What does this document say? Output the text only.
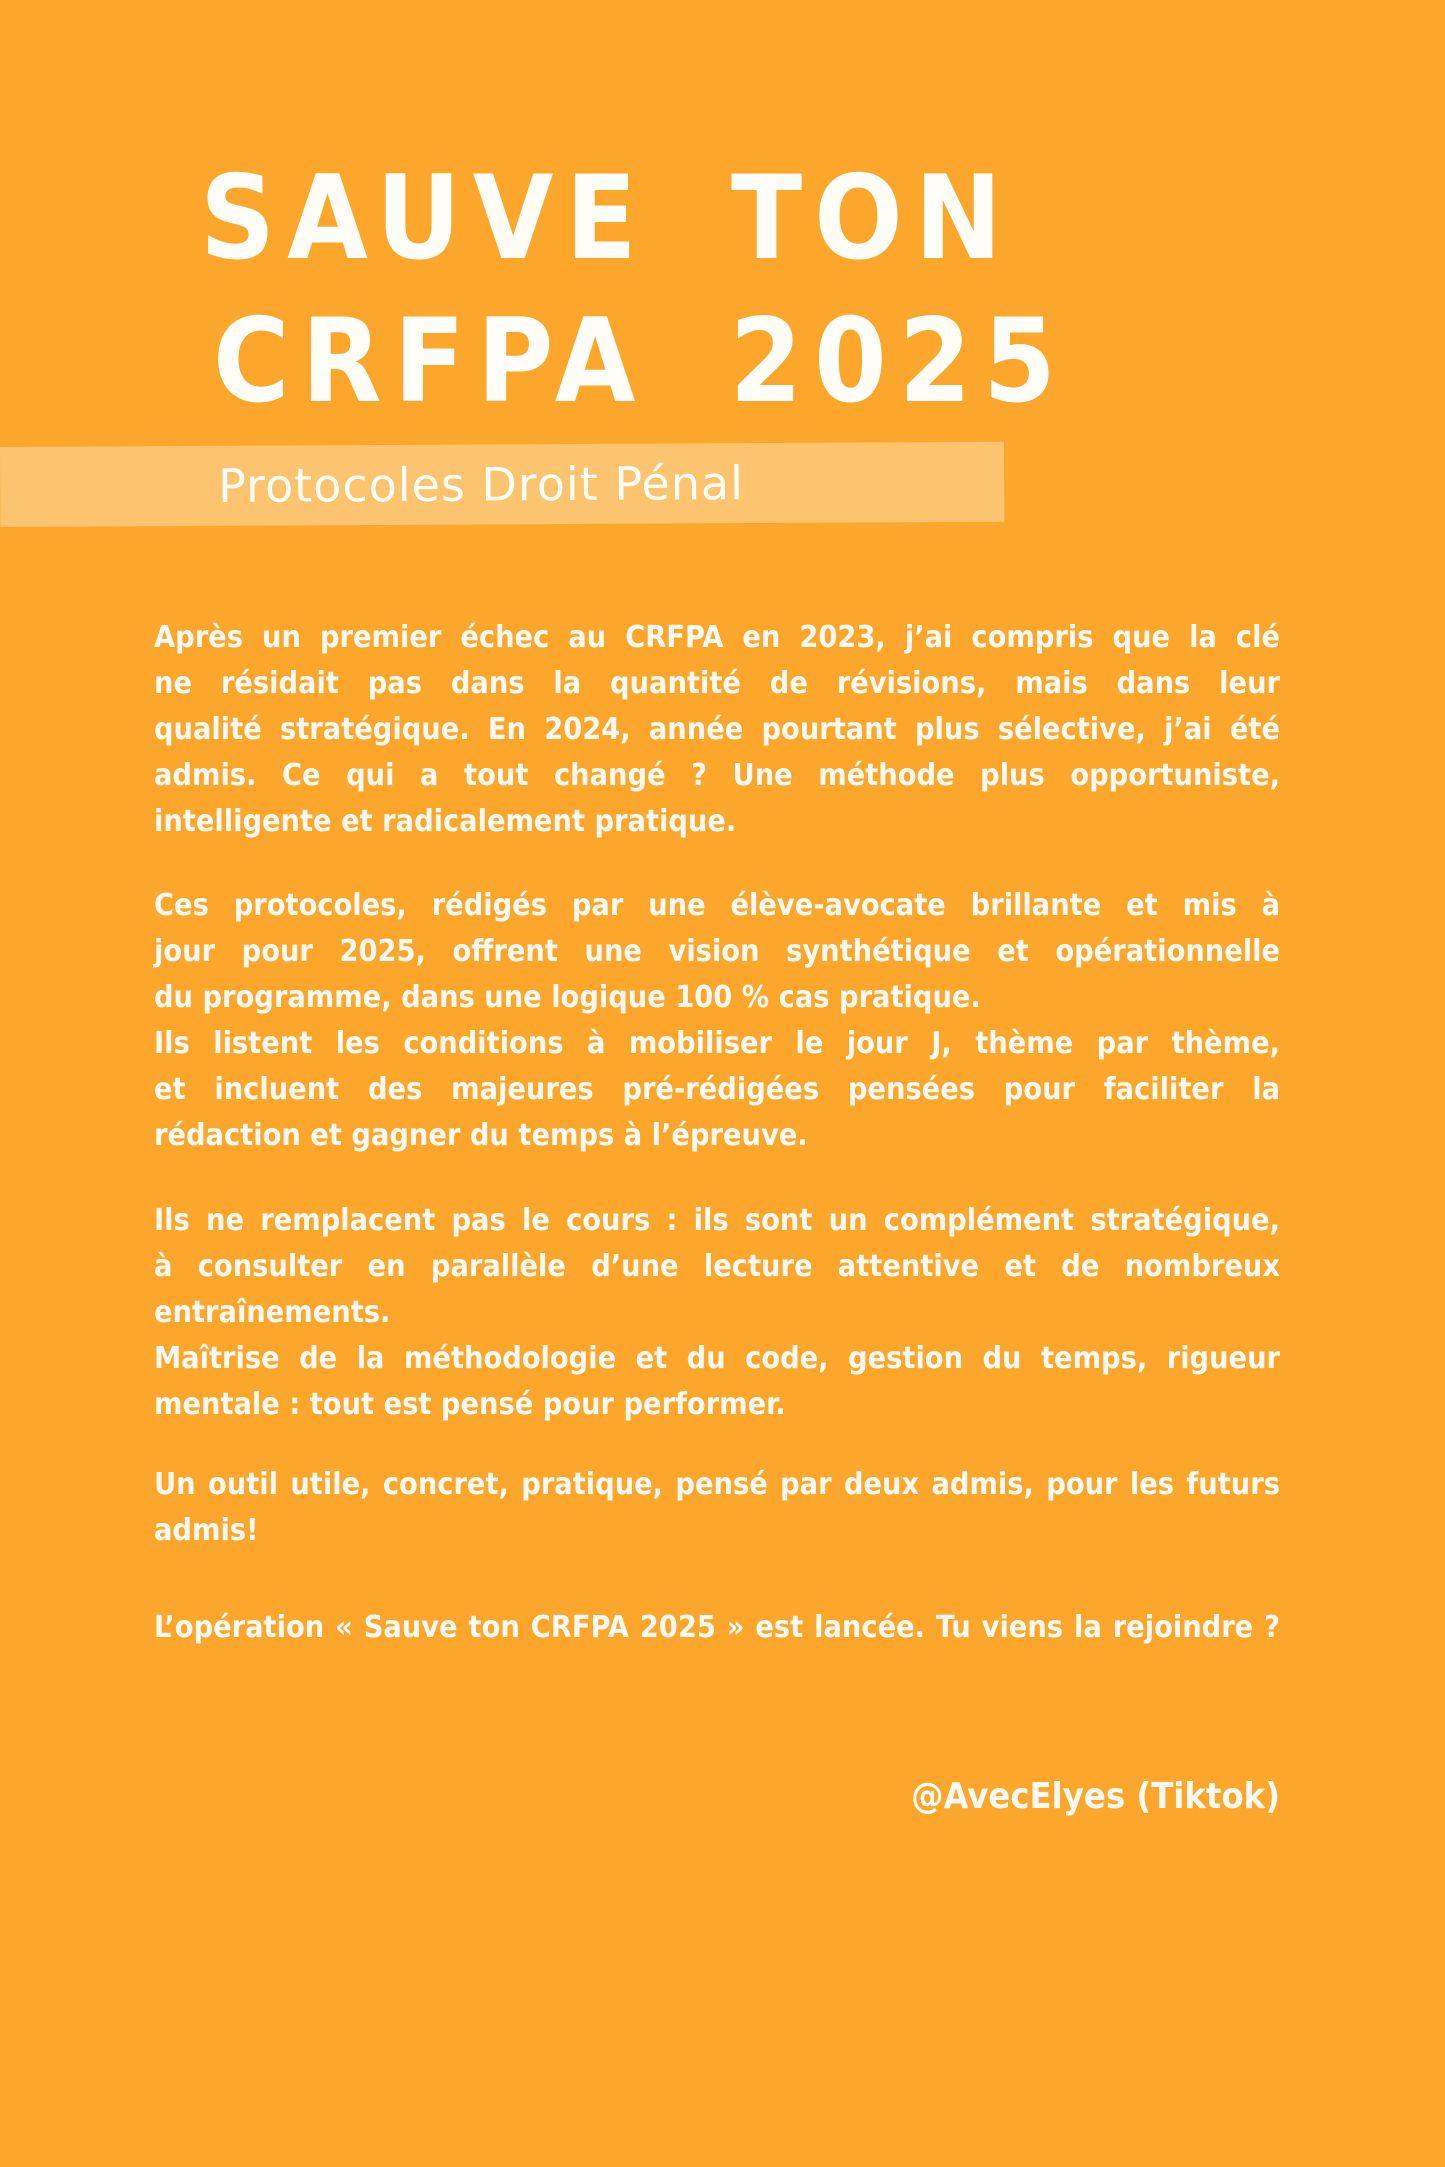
SAUVE TON
CRFPA 2025
Protocoles Droit Pénal

Après un premier échec au CRFPA en 2023, j’ai compris que la clé
ne résidait pas dans la quantité de révisions, mais dans leur
qualité stratégique. En 2024, année pourtant plus sélective, j’ai été
admis. Ce qui a tout changé ? Une méthode plus opportuniste,
intelligente et radicalement pratique.

Ces protocoles, rédigés par une élève-avocate brillante et mis à
jour pour 2025, offrent une vision synthétique et opérationnelle
du programme, dans une logique 100 % cas pratique.
Ils listent les conditions à mobiliser le jour J, thème par thème,
et incluent des majeures pré-rédigées pensées pour faciliter la
rédaction et gagner du temps à l’épreuve.

Ils ne remplacent pas le cours : ils sont un complément stratégique,
à consulter en parallèle d’une lecture attentive et de nombreux
entraînements.
Maîtrise de la méthodologie et du code, gestion du temps, rigueur
mentale : tout est pensé pour performer.

Un outil utile, concret, pratique, pensé par deux admis, pour les futurs
admis!

L’opération « Sauve ton CRFPA 2025 » est lancée. Tu viens la rejoindre ?

@AvecElyes (Tiktok)
